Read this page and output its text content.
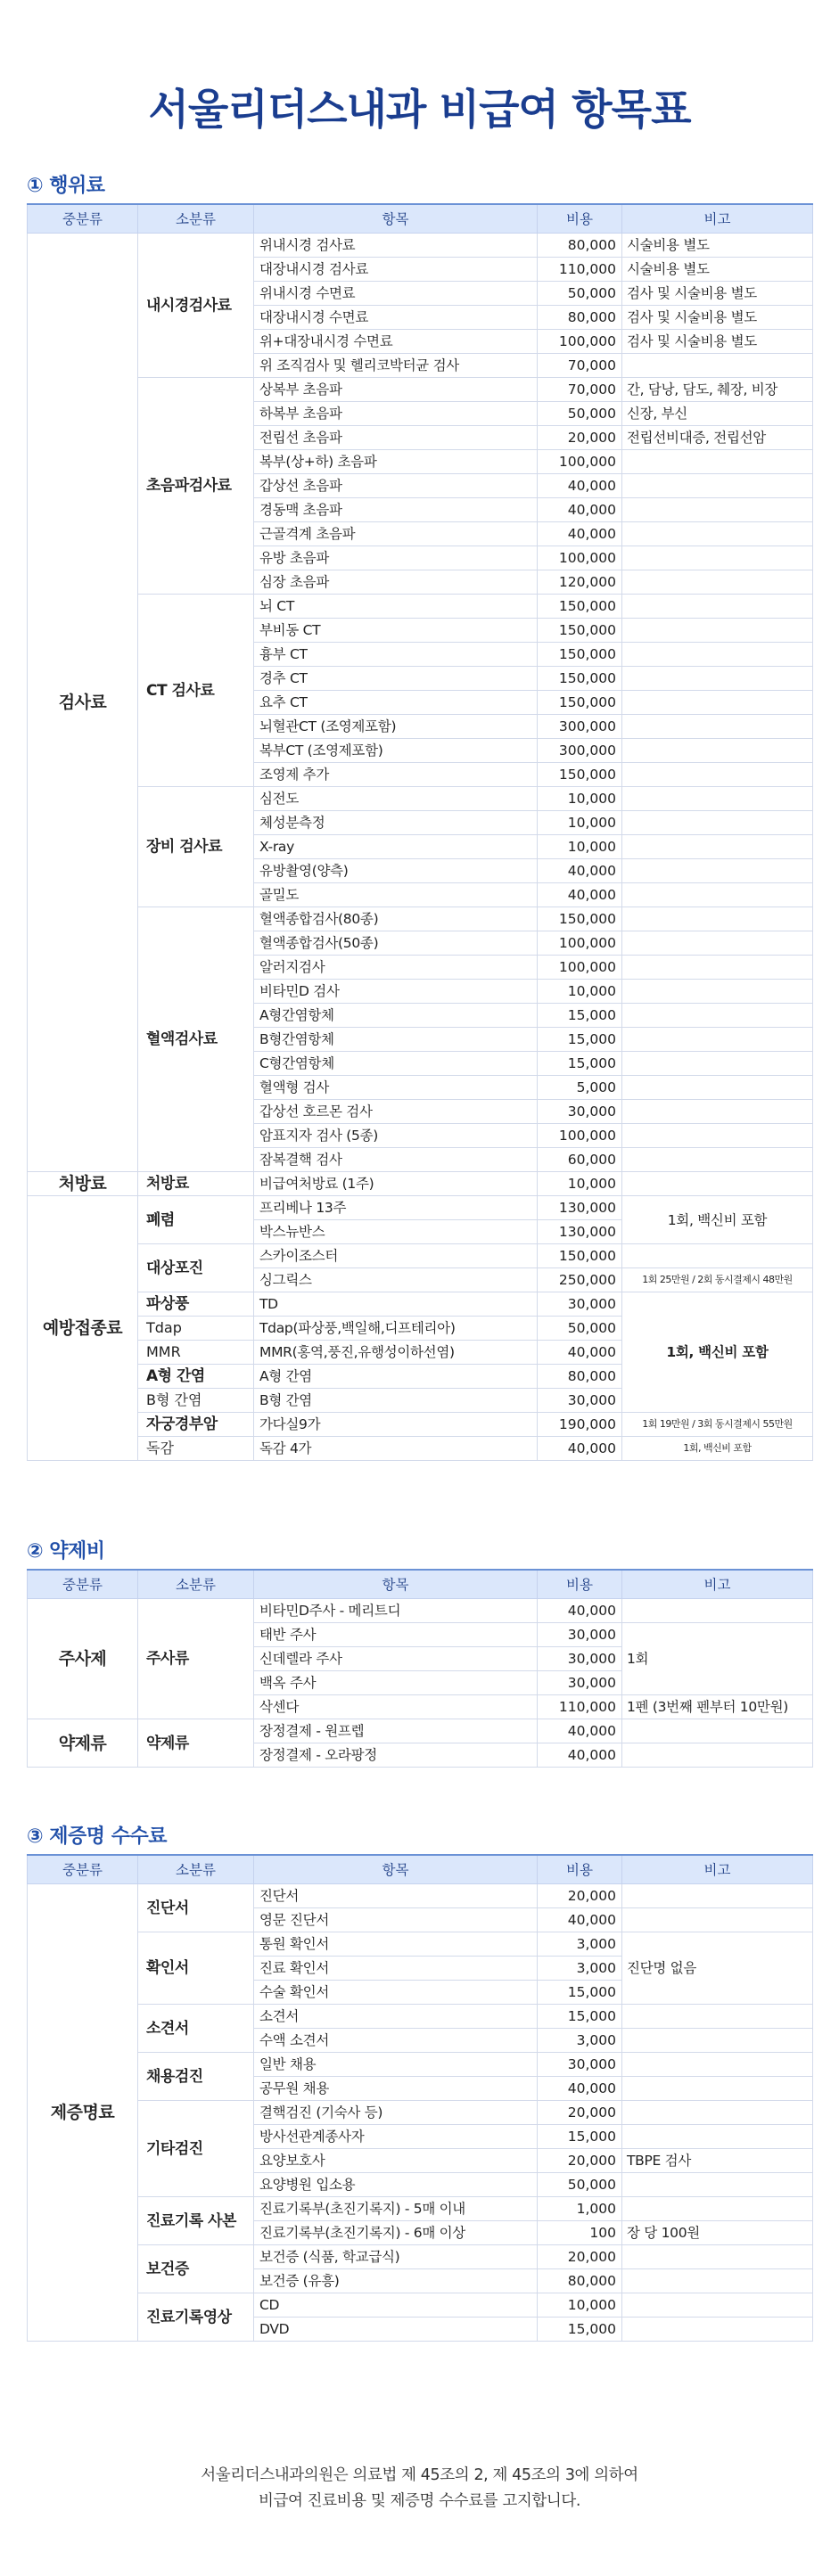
서울리더스내과 비급여 항목표
① 행위료
중분류	소분류	항목	비용	비고
검사료	내시경검사료	위내시경 검사료	80,000	시술비용 별도
		대장내시경 검사료	110,000	시술비용 별도
		위내시경 수면료	50,000	검사 및 시술비용 별도
		대장내시경 수면료	80,000	검사 및 시술비용 별도
		위+대장내시경 수면료	100,000	검사 및 시술비용 별도
		위 조직검사 및 헬리코박터균 검사	70,000	
	초음파검사료	상복부 초음파	70,000	간, 담낭, 담도, 췌장, 비장
		하복부 초음파	50,000	신장, 부신
		전립선 초음파	20,000	전립선비대증, 전립선암
		복부(상+하) 초음파	100,000	
		갑상선 초음파	40,000	
		경동맥 초음파	40,000	
		근골격계 초음파	40,000	
		유방 초음파	100,000	
		심장 초음파	120,000	
	CT 검사료	뇌 CT	150,000	
		부비동 CT	150,000	
		흉부 CT	150,000	
		경추 CT	150,000	
		요추 CT	150,000	
		뇌혈관CT (조영제포함)	300,000	
		복부CT (조영제포함)	300,000	
		조영제 추가	150,000	
	장비 검사료	심전도	10,000	
		체성분측정	10,000	
		X-ray	10,000	
		유방촬영(양측)	40,000	
		골밀도	40,000	
	혈액검사료	혈액종합검사(80종)	150,000	
		혈액종합검사(50종)	100,000	
		알러지검사	100,000	
		비타민D 검사	10,000	
		A형간염항체	15,000	
		B형간염항체	15,000	
		C형간염항체	15,000	
		혈액형 검사	5,000	
		갑상선 호르몬 검사	30,000	
		암표지자 검사 (5종)	100,000	
		잠복결핵 검사	60,000	
처방료	처방료	비급여처방료 (1주)	10,000	
예방접종료	폐렴	프리베나 13주	130,000	1회, 백신비 포함
		박스뉴반스	130,000	
	대상포진	스카이조스터	150,000	
		싱그릭스	250,000	1회 25만원 / 2회 동시결제시 48만원
	파상풍	TD	30,000	1회, 백신비 포함
	Tdap	Tdap(파상풍,백일해,디프테리아)	50,000	
	MMR	MMR(홍역,풍진,유행성이하선염)	40,000	
	A형 간염	A형 간염	80,000	
	B형 간염	B형 간염	30,000	
	자궁경부암	가다실9가	190,000	1회 19만원 / 3회 동시결제시 55만원
	독감	독감 4가	40,000	1회, 백신비 포함
② 약제비
중분류	소분류	항목	비용	비고
주사제	주사류	비타민D주사 - 메리트디	40,000	
		태반 주사	30,000	1회
		신데렐라 주사	30,000	
		백옥 주사	30,000	
		삭센다	110,000	1펜 (3번째 펜부터 10만원)
약제류	약제류	장정결제 - 원프렙	40,000	
		장정결제 - 오라팡정	40,000	
③ 제증명 수수료
중분류	소분류	항목	비용	비고
제증명료	진단서	진단서	20,000	
		영문 진단서	40,000	
	확인서	통원 확인서	3,000	진단명 없음
		진료 확인서	3,000	
		수술 확인서	15,000	
	소견서	소견서	15,000	
		수액 소견서	3,000	
	채용검진	일반 채용	30,000	
		공무원 채용	40,000	
	기타검진	결핵검진 (기숙사 등)	20,000	
		방사선관계종사자	15,000	
		요양보호사	20,000	TBPE 검사
		요양병원 입소용	50,000	
	진료기록 사본	진료기록부(초진기록지) - 5매 이내	1,000	
		진료기록부(초진기록지) - 6매 이상	100	장 당 100원
	보건증	보건증 (식품, 학교급식)	20,000	
		보건증 (유흥)	80,000	
	진료기록영상	CD	10,000	
		DVD	15,000	
서울리더스내과의원은 의료법 제 45조의 2, 제 45조의 3에 의하여
비급여 진료비용 및 제증명 수수료를 고지합니다.
